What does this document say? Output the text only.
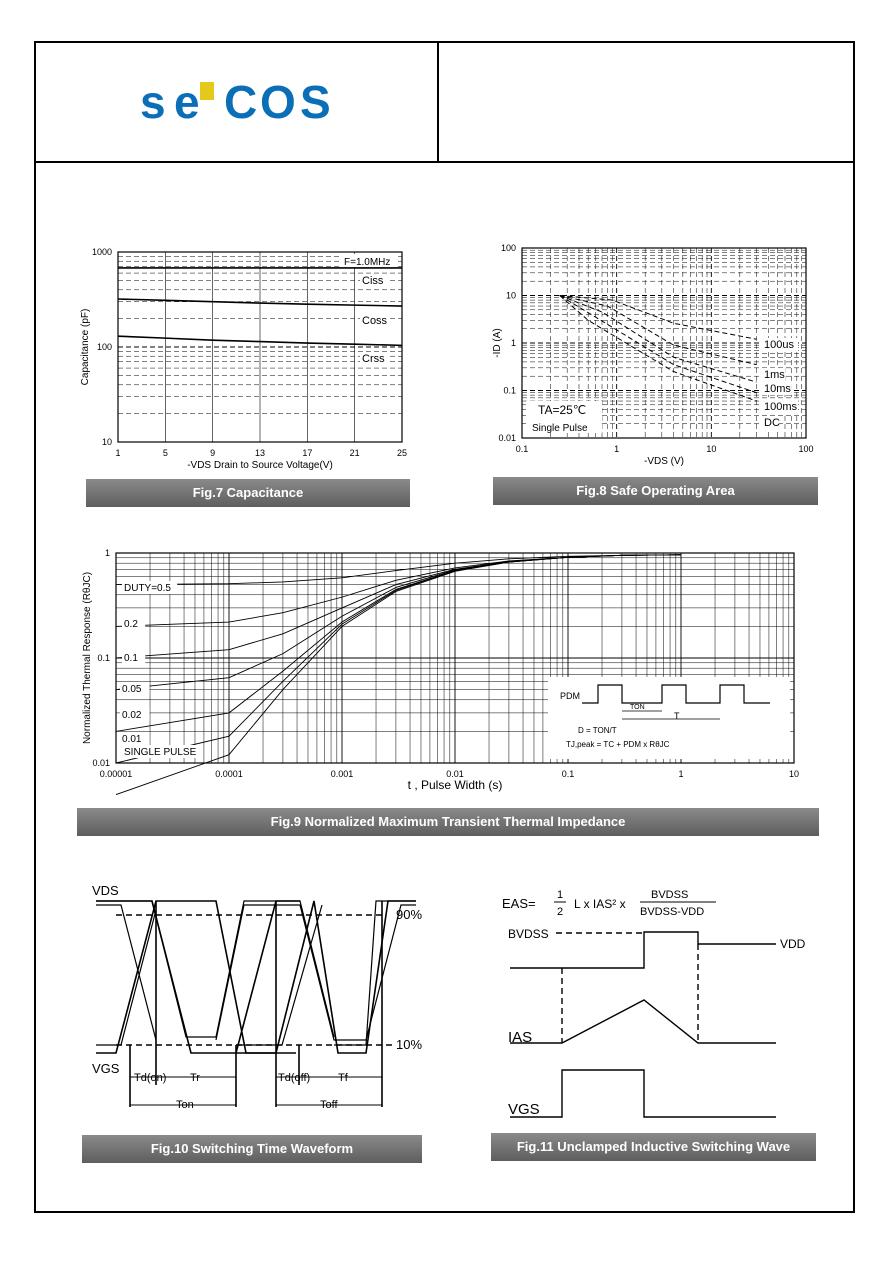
s e C O S
1	5	9	13	17	21	25
10
100
1000
-VDS Drain to Source Voltage(V)
Capacitance (pF)
Ciss
Coss
Crss
F=1.0MHz
Fig.7 Capacitance
0.1	1	10	100
0.01
0.1
1
10
100
-VDS (V)
-ID (A)	100us
1ms
10ms
100ms
DC
TA=25℃
Single Pulse
Fig.8 Safe Operating Area
0.00001	0.0001	0.001	0.01	0.1	1	10
0.01
0.1
1
t , Pulse Width (s)
Normalized Thermal Response (RθJC)	DUTY=0.5
0.2
0.1
0.05
0.02
0.01
SINGLE PULSE
PDM
TON
T
D = TON/T
TJ,peak = TC + PDM x RθJC
Fig.9 Normalized Maximum Transient Thermal Impedance
VDS
VGS
90%
10%
Td(on) Tr	Td(off)	Tf
Ton	Toff
Fig.10 Switching Time Waveform
EAS=
1
2
L x IAS² x
BVDSS
BVDSS-VDD
BVDSS
VDD
IAS
VGS
Fig.11 Unclamped Inductive Switching Wave
